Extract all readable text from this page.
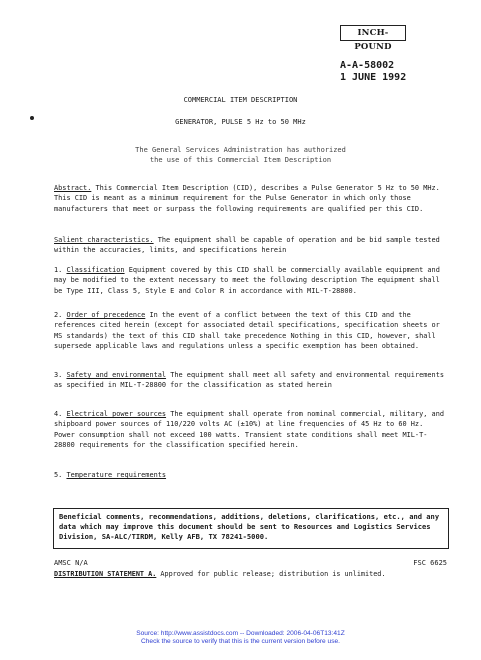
INCH-POUND
A-A-58002
1 JUNE 1992
COMMERCIAL ITEM DESCRIPTION
GENERATOR, PULSE 5 Hz to 50 MHz
The General Services Administration has authorized
the use of this Commercial Item Description

Abstract. This Commercial Item Description (CID), describes a Pulse Generator 5 Hz to 50 MHz. This CID is meant as a minimum requirement for the Pulse Generator in which only those manufacturers that meet or surpass the following requirements are qualified per this CID.

Salient characteristics. The equipment shall be capable of operation and be bid sample tested within the accuracies, limits, and specifications herein

1. Classification Equipment covered by this CID shall be commercially available equipment and may be modified to the extent necessary to meet the following description The equipment shall be Type III, Class 5, Style E and Color R in accordance with MIL-T-28800.

2. Order of precedence In the event of a conflict between the text of this CID and the references cited herein (except for associated detail specifications, specification sheets or MS standards) the text of this CID shall take precedence Nothing in this CID, however, shall supersede applicable laws and regulations unless a specific exemption has been obtained.

3. Safety and environmental The equipment shall meet all safety and environmental requirements as specified in MIL-T-28800 for the classification as stated herein

4. Electrical power sources The equipment shall operate from nominal commercial, military, and shipboard power sources of 110/220 volts AC (±10%) at line frequencies of 45 Hz to 60 Hz. Power consumption shall not exceed 100 watts. Transient state conditions shall meet MIL-T-28800 requirements for the classification specified herein.

5. Temperature requirements

Beneficial comments, recommendations, additions, deletions, clarifications, etc., and any data which may improve this document should be sent to Resources and Logistics Services Division, SA-ALC/TIRDM, Kelly AFB, TX 78241-5000.
AMSC N/A	FSC 6625
DISTRIBUTION STATEMENT A. Approved for public release; distribution is unlimited.
Source: http://www.assistdocs.com -- Downloaded: 2006-04-06T13:41Z
Check the source to verify that this is the current version before use.
